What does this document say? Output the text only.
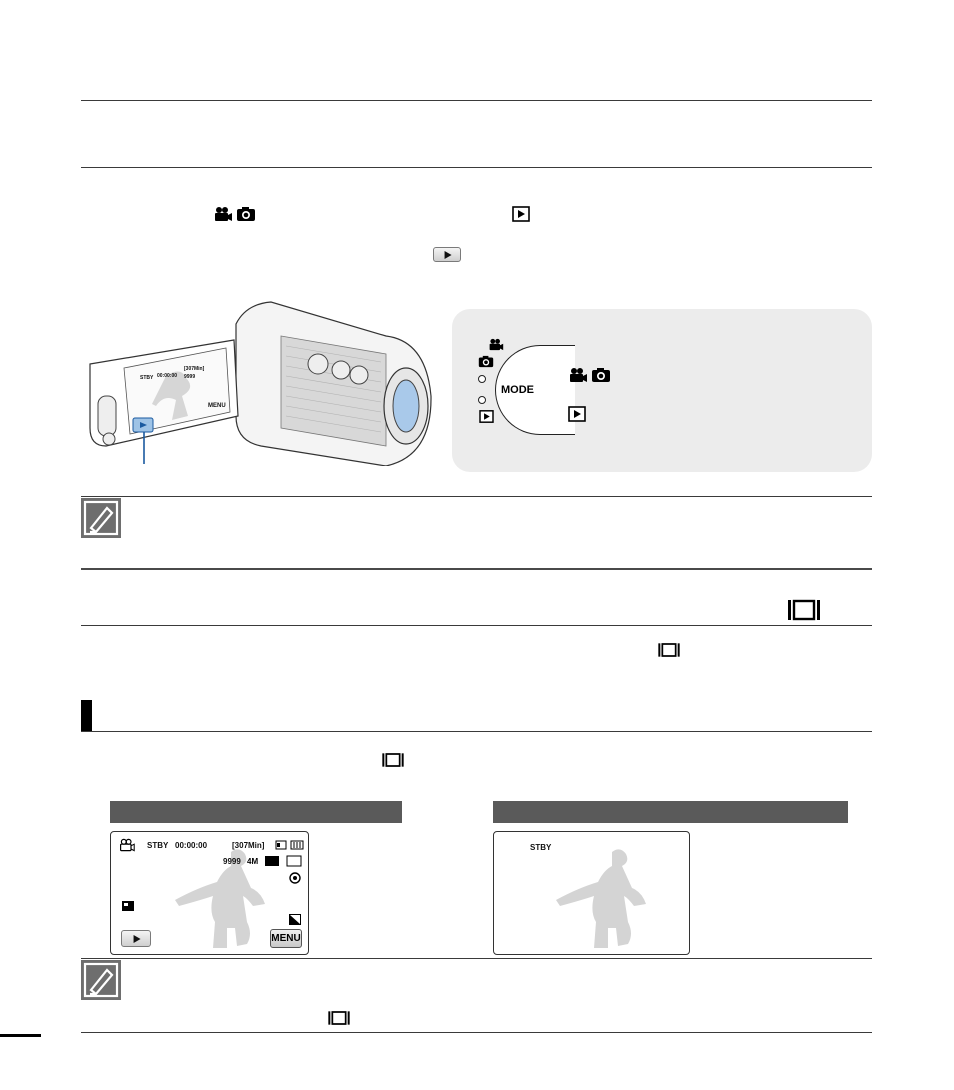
STBY 00:00:00
[307Min]
9999
MENU
MODE
STBY 00:00:00	[307Min]
9999 4M
MENU
STBY
